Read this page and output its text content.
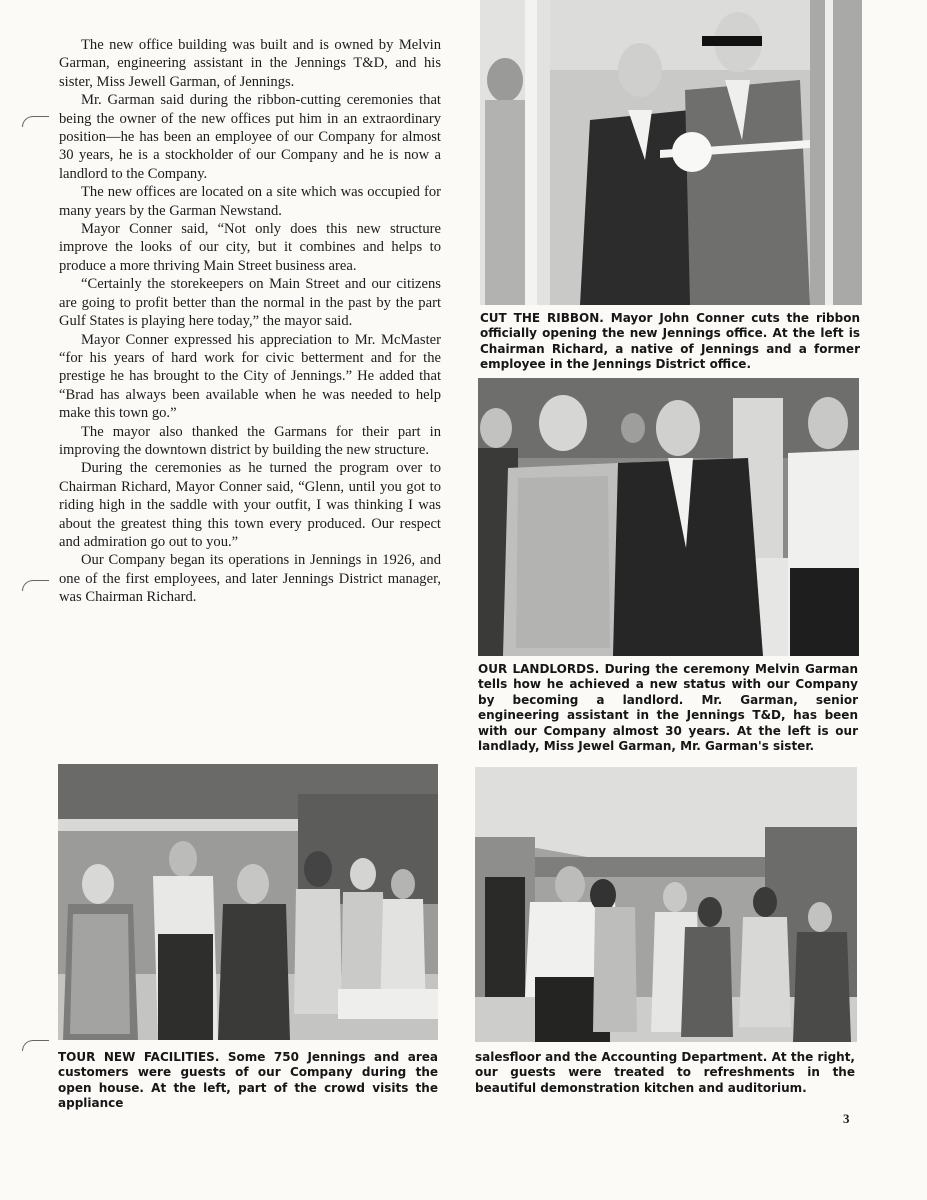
The new office building was built and is owned by Melvin Garman, engineering assistant in the Jennings T&D, and his sister, Miss Jewell Garman, of Jennings.

Mr. Garman said during the ribbon-cutting ceremonies that being the owner of the new offices put him in an extraordinary position—he has been an employee of our Company for almost 30 years, he is a stockholder of our Company and he is now a landlord to the Company.

The new offices are located on a site which was occupied for many years by the Garman Newstand.

Mayor Conner said, “Not only does this new structure improve the looks of our city, but it combines and helps to produce a more thriving Main Street business area.

“Certainly the storekeepers on Main Street and our citizens are going to profit better than the normal in the past by the part Gulf States is playing here today,” the mayor said.

Mayor Conner expressed his appreciation to Mr. McMaster “for his years of hard work for civic betterment and for the prestige he has brought to the City of Jennings.” He added that “Brad has always been available when he was needed to help make this town go.”

The mayor also thanked the Garmans for their part in improving the downtown district by building the new structure.

During the ceremonies as he turned the program over to Chairman Richard, Mayor Conner said, “Glenn, until you got to riding high in the saddle with your outfit, I was thinking I was about the greatest thing this town every produced. Our respect and admiration go out to you.”

Our Company began its operations in Jennings in 1926, and one of the first employees, and later Jennings District manager, was Chairman Richard.

CUT THE RIBBON. Mayor John Conner cuts the ribbon officially opening the new Jennings office. At the left is Chairman Richard, a native of Jennings and a former employee in the Jennings District office.
OUR LANDLORDS. During the ceremony Melvin Garman tells how he achieved a new status with our Company by becoming a landlord. Mr. Garman, senior engineering assistant in the Jennings T&D, has been with our Company almost 30 years. At the left is our landlady, Miss Jewel Garman, Mr. Garman's sister.
TOUR NEW FACILITIES. Some 750 Jennings and area customers were guests of our Company during the open house. At the left, part of the crowd visits the appliance
salesfloor and the Accounting Department. At the right, our guests were treated to refreshments in the beautiful demonstration kitchen and auditorium.
3
